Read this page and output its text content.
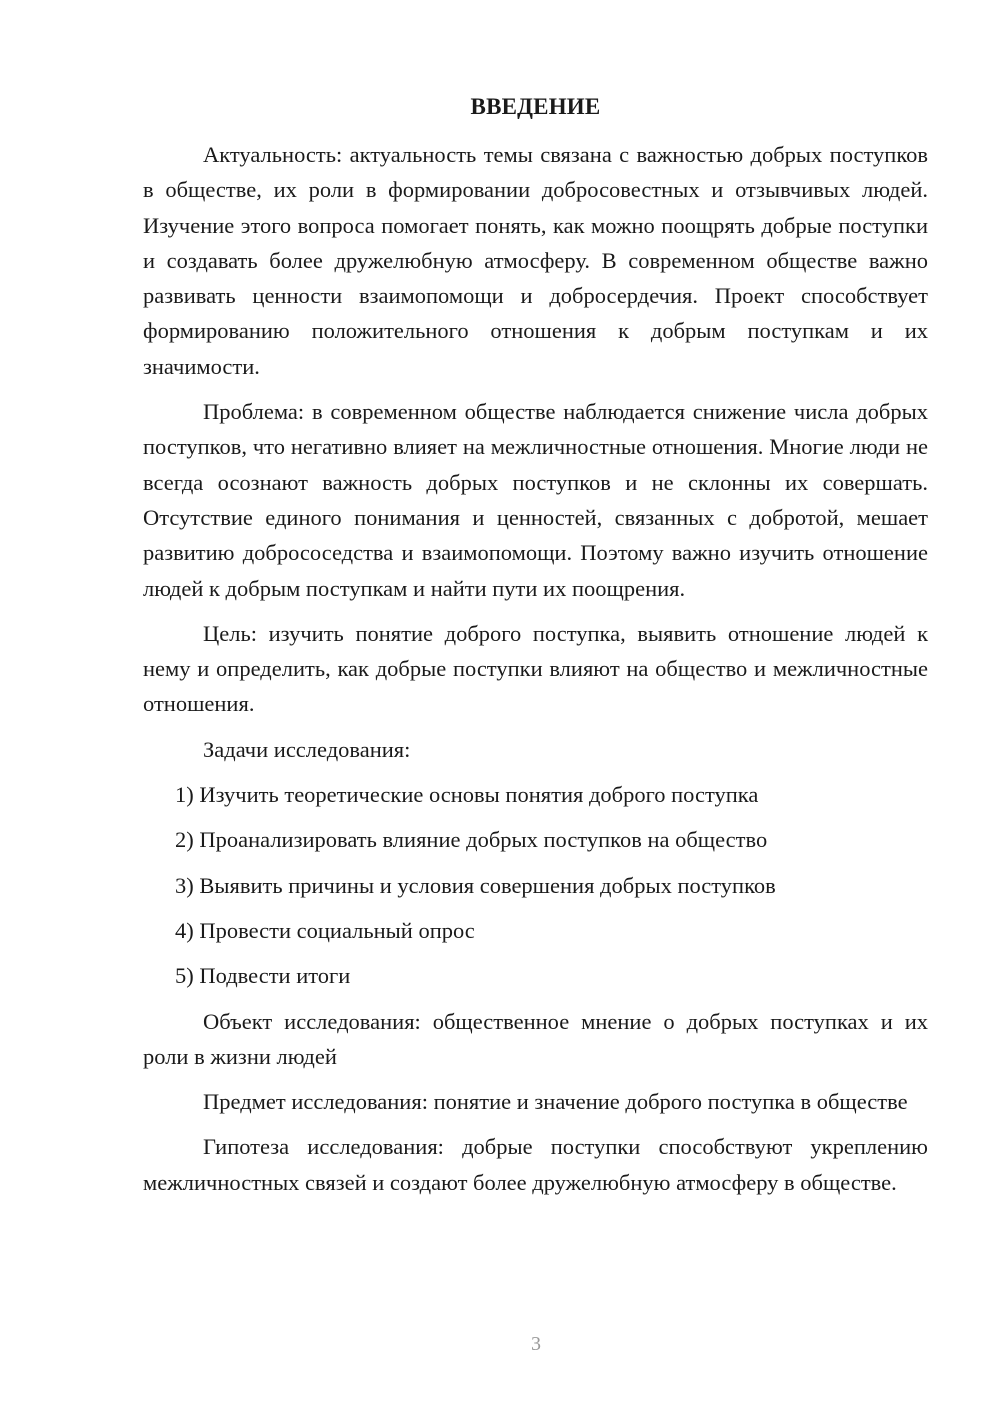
ВВЕДЕНИЕ

Актуальность: актуальность темы связана с важностью добрых поступков в обществе, их роли в формировании добросовестных и отзывчивых людей. Изучение этого вопроса помогает понять, как можно поощрять добрые поступки и создавать более дружелюбную атмосферу. В современном обществе важно развивать ценности взаимопомощи и добросердечия. Проект способствует формированию положительного отношения к добрым поступкам и их значимости.

Проблема: в современном обществе наблюдается снижение числа добрых поступков, что негативно влияет на межличностные отношения. Многие люди не всегда осознают важность добрых поступков и не склонны их совершать. Отсутствие единого понимания и ценностей, связанных с добротой, мешает развитию добрососедства и взаимопомощи. Поэтому важно изучить отношение людей к добрым поступкам и найти пути их поощрения.

Цель: изучить понятие доброго поступка, выявить отношение людей к нему и определить, как добрые поступки влияют на общество и межличностные отношения.

Задачи исследования:

1) Изучить теоретические основы понятия доброго поступка
2) Проанализировать влияние добрых поступков на общество
3) Выявить причины и условия совершения добрых поступков
4) Провести социальный опрос
5) Подвести итоги

Объект исследования: общественное мнение о добрых поступках и их роли в жизни людей

Предмет исследования: понятие и значение доброго поступка в обществе

Гипотеза исследования: добрые поступки способствуют укреплению межличностных связей и создают более дружелюбную атмосферу в обществе.

3
